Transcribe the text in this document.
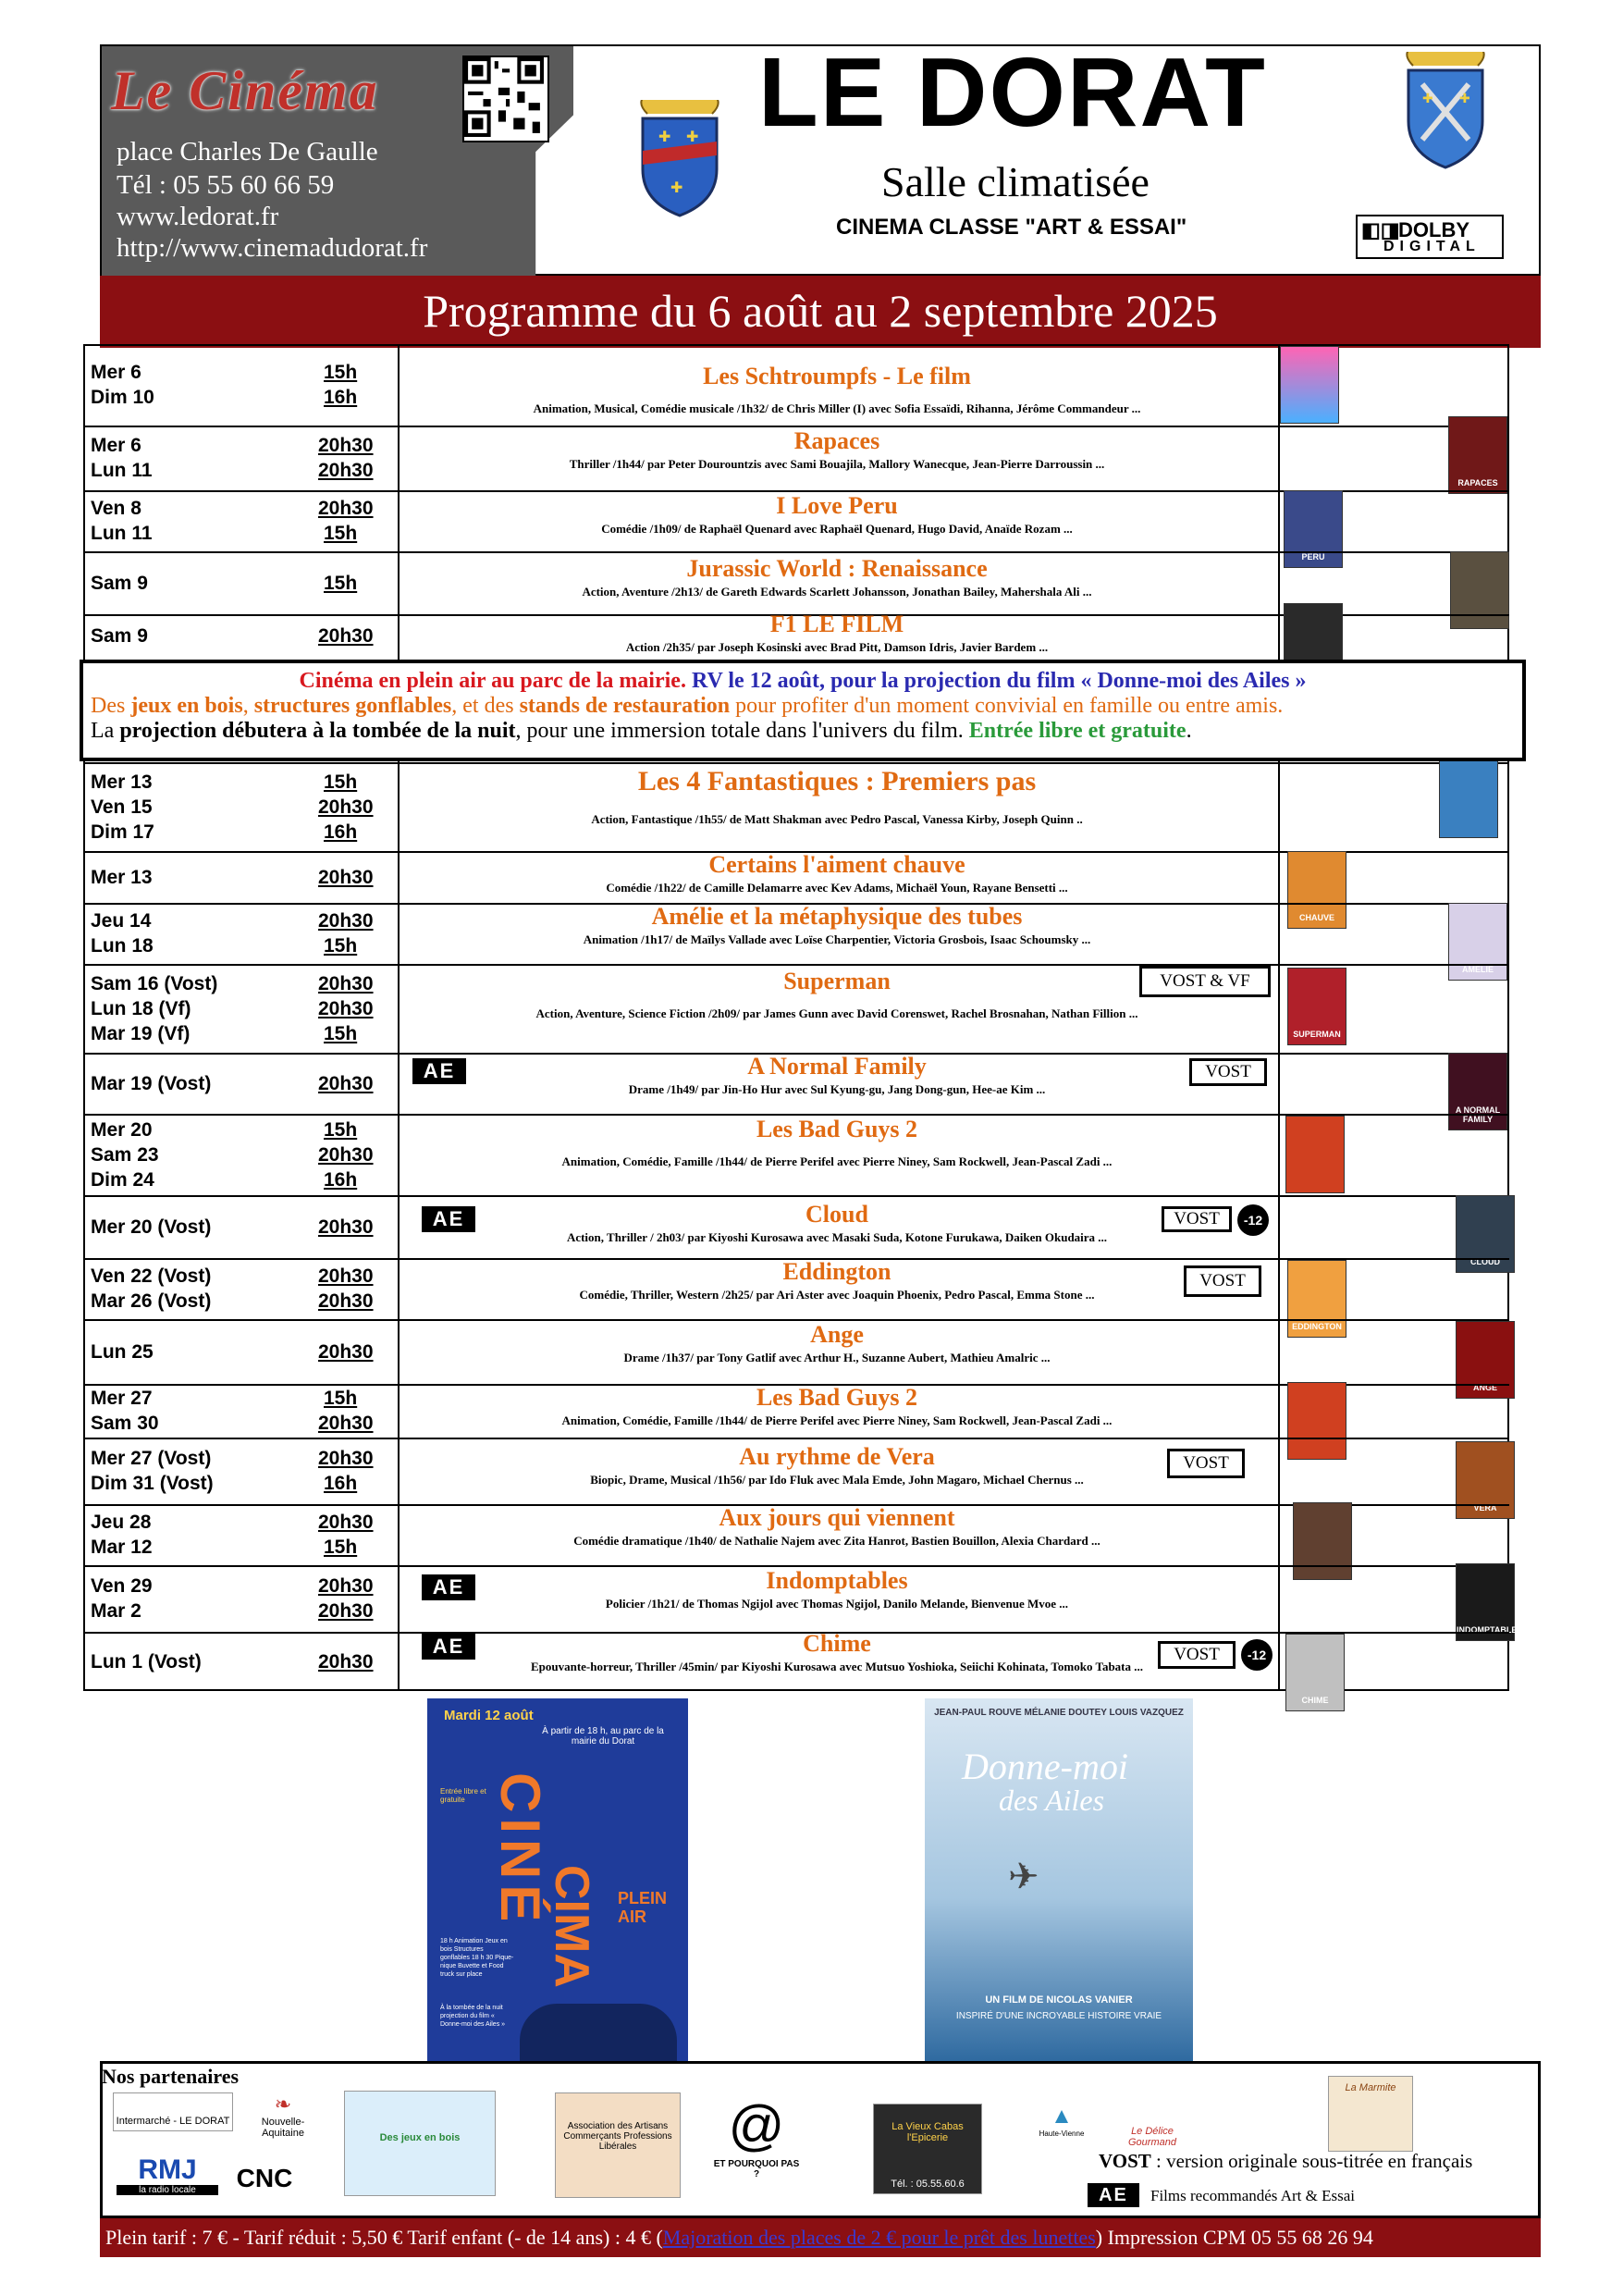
Le Cinéma
place Charles De Gaulle
Tél : 05 55 60 66 59
www.ledorat.fr
http://www.cinemadudorat.fr
✚ ✚
✚
LE DORAT
Salle climatisée
CINEMA CLASSE "ART & ESSAI"
✚ ✚
◧◨
DOLBY
DIGITAL
Programme du 6 août au 2 septembre 2025
Mer 6	15h
Dim 10	16h
Les Schtroumpfs - Le film
Animation, Musical, Comédie musicale /1h32/ de Chris Miller (I) avec Sofia Essaïdi, Rihanna, Jérôme Commandeur ...
Mer 6	20h30
Lun 11	20h30
Rapaces
Thriller /1h44/ par Peter Dourountzis avec Sami Bouajila, Mallory Wanecque, Jean-Pierre Darroussin ...
RAPACES
Ven 8	20h30
Lun 11	15h
I Love Peru
Comédie /1h09/ de Raphaël Quenard avec Raphaël Quenard, Hugo David, Anaïde Rozam ...
PERU
Sam 9	15h
Jurassic World : Renaissance
Action, Aventure /2h13/ de Gareth Edwards Scarlett Johansson, Jonathan Bailey, Mahershala Ali ...
Sam 9	20h30	F1 LE FILM
Action /2h35/ par Joseph Kosinski avec Brad Pitt, Damson Idris, Javier Bardem ...
Mer 13	15h
Ven 15	20h30
Dim 17	16h
Les 4 Fantastiques : Premiers pas
Action, Fantastique /1h55/ de Matt Shakman avec Pedro Pascal, Vanessa Kirby, Joseph Quinn ..
Mer 13	20h30	Certains l'aiment chauve
Comédie /1h22/ de Camille Delamarre avec Kev Adams, Michaël Youn, Rayane Bensetti ...
CHAUVE
Jeu 14	20h30
Lun 18	15h
Amélie et la métaphysique des tubes
Animation /1h17/ de Maïlys Vallade avec Loïse Charpentier, Victoria Grosbois, Isaac Schoumsky ...
AMÉLIE
Sam 16 (Vost)	20h30
Lun 18 (Vf)	20h30
Mar 19 (Vf)	15h
Superman
Action, Aventure, Science Fiction /2h09/ par James Gunn avec David Corenswet, Rachel Brosnahan, Nathan Fillion ...
VOST & VF
SUPERMAN
Mar 19 (Vost)	20h30
A Normal Family
Drame /1h49/ par Jin-Ho Hur avec Sul Kyung-gu, Jang Dong-gun, Hee-ae Kim ...
AE	VOST
A NORMAL FAMILY
Mer 20	15h
Sam 23	20h30
Dim 24	16h
Les Bad Guys 2
Animation, Comédie, Famille /1h44/ de Pierre Perifel avec Pierre Niney, Sam Rockwell, Jean-Pascal Zadi ...
Mer 20 (Vost)	20h30	Cloud
Action, Thriller / 2h03/ par Kiyoshi Kurosawa avec Masaki Suda, Kotone Furukawa, Daiken Okudaira ...
AE	VOST	-12
CLOUD
Ven 22 (Vost)	20h30
Mar 26 (Vost)	20h30
Eddington
Comédie, Thriller, Western /2h25/ par Ari Aster avec Joaquin Phoenix, Pedro Pascal, Emma Stone ...
VOST
EDDINGTON
Lun 25	20h30
Ange
Drame /1h37/ par Tony Gatlif avec Arthur H., Suzanne Aubert, Mathieu Amalric ...
ANGE
Mer 27	15h
Sam 30	20h30
Les Bad Guys 2
Animation, Comédie, Famille /1h44/ de Pierre Perifel avec Pierre Niney, Sam Rockwell, Jean-Pascal Zadi ...
Mer 27 (Vost)	20h30
Dim 31 (Vost)	16h
Au rythme de Vera
Biopic, Drame, Musical /1h56/ par Ido Fluk avec Mala Emde, John Magaro, Michael Chernus ...
VOST
VERA
Jeu 28	20h30
Mar 12	15h
Aux jours qui viennent
Comédie dramatique /1h40/ de Nathalie Najem avec Zita Hanrot, Bastien Bouillon, Alexia Chardard ...
Ven 29	20h30
Mar 2	20h30
Indomptables
Policier /1h21/ de Thomas Ngijol avec Thomas Ngijol, Danilo Melande, Bienvenue Mvoe ...
AE
INDOMPTABLES
Lun 1 (Vost)	20h30
Chime
Epouvante-horreur, Thriller /45min/ par Kiyoshi Kurosawa avec Mutsuo Yoshioka, Seiichi Kohinata, Tomoko Tabata ...
AE	VOST	-12
CHIME
Cinéma en plein air au parc de la mairie. RV le 12 août, pour la projection du film « Donne-moi des Ailes »
Des jeux en bois, structures gonflables, et des stands de restauration pour profiter d'un moment convivial en famille ou entre amis.
La projection débutera à la tombée de la nuit, pour une immersion totale dans l'univers du film. Entrée libre et gratuite.
Mardi 12 août
À partir de 18 h, au parc de la mairie du Dorat
Entrée libre et gratuite CINÉ
CIMA PLEIN AIR
18 h Animation Jeux en bois Structures gonflables 18 h 30 Pique-nique Buvette et Food truck sur place
À la tombée de la nuit projection du film « Donne-moi des Ailes »
JEAN-PAUL ROUVE MÉLANIE DOUTEY LOUIS VAZQUEZ
Donne-moi
des Ailes
✈
UN FILM DE NICOLAS VANIER
INSPIRÉ D'UNE INCROYABLE HISTOIRE VRAIE
Nos partenaires
Intermarché - LE DORAT
❧
Nouvelle-Aquitaine
RMJ
la radio locale	CNC
Des jeux en bois
Association des Artisans Commerçants Professions Libérales	@
ET POURQUOI PAS ?
La Vieux Cabas l'Epicerie
Tél. : 05.55.60.6
▲
Haute-Vienne	Le Délice Gourmand
La Marmite
VOST : version originale sous-titrée en français
AE	Films recommandés Art & Essai
Plein tarif : 7 € - Tarif réduit : 5,50 € Tarif enfant (- de 14 ans) : 4 € (Majoration des places de 2 € pour le prêt des lunettes) Impression CPM 05 55 68 26 94
